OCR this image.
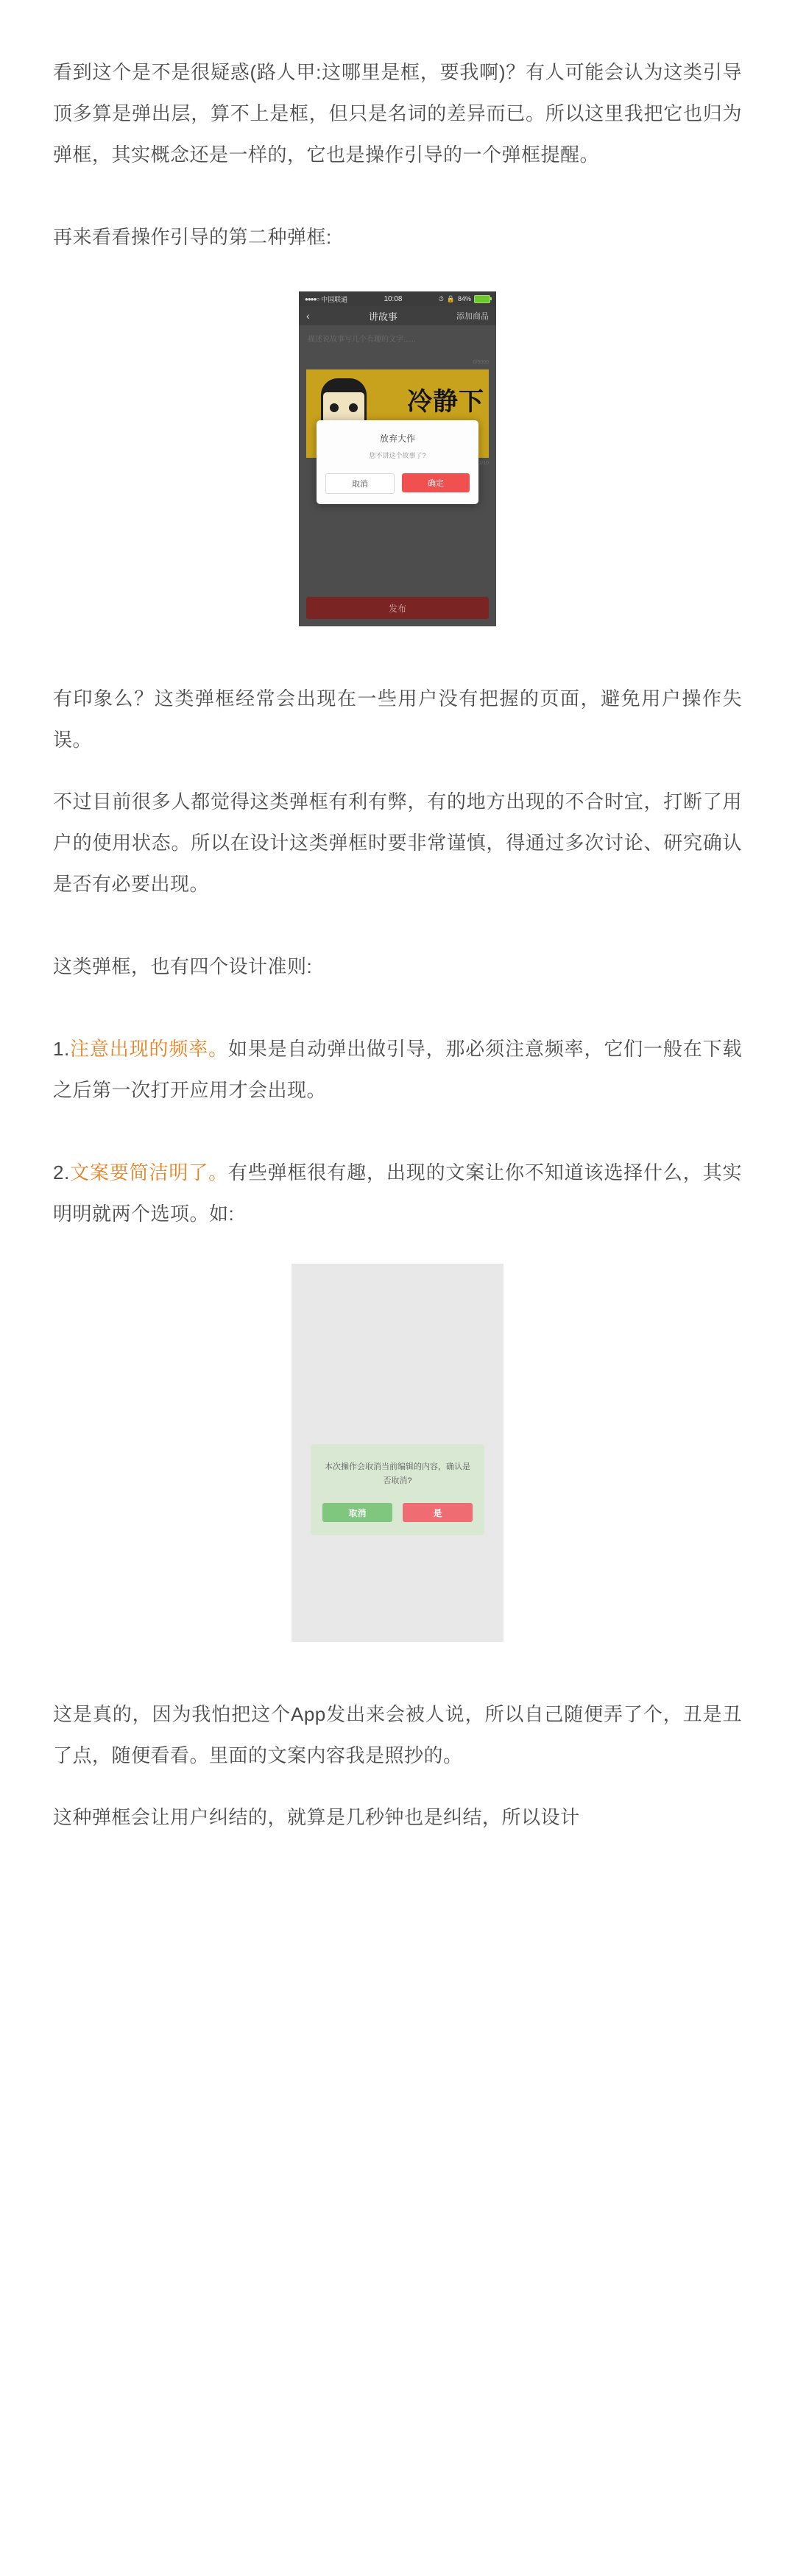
看到这个是不是很疑惑(路人甲:这哪里是框，要我啊)？有人可能会认为这类引导顶多算是弹出层，算不上是框，但只是名词的差异而已。所以这里我把它也归为弹框，其实概念还是一样的，它也是操作引导的一个弹框提醒。

再来看看操作引导的第二种弹框:

●●●●○ 中国联通	10:08	⏱ 🔒 84%
‹	讲故事	添加商品
描述说故事写几个有趣的文字......
0/5000
冷静下
1/10
发布
放弃大作
您不讲这个故事了?
取消	确定

有印象么？这类弹框经常会出现在一些用户没有把握的页面，避免用户操作失误。

不过目前很多人都觉得这类弹框有利有弊，有的地方出现的不合时宜，打断了用户的使用状态。所以在设计这类弹框时要非常谨慎，得通过多次讨论、研究确认是否有必要出现。

这类弹框，也有四个设计准则:

1.注意出现的频率。如果是自动弹出做引导，那必须注意频率，它们一般在下载之后第一次打开应用才会出现。

2.文案要简洁明了。有些弹框很有趣，出现的文案让你不知道该选择什么，其实明明就两个选项。如:

本次操作会取消当前编辑的内容，确认是否取消?
取消	是

这是真的，因为我怕把这个App发出来会被人说，所以自己随便弄了个，丑是丑了点，随便看看。里面的文案内容我是照抄的。

这种弹框会让用户纠结的，就算是几秒钟也是纠结，所以设计
